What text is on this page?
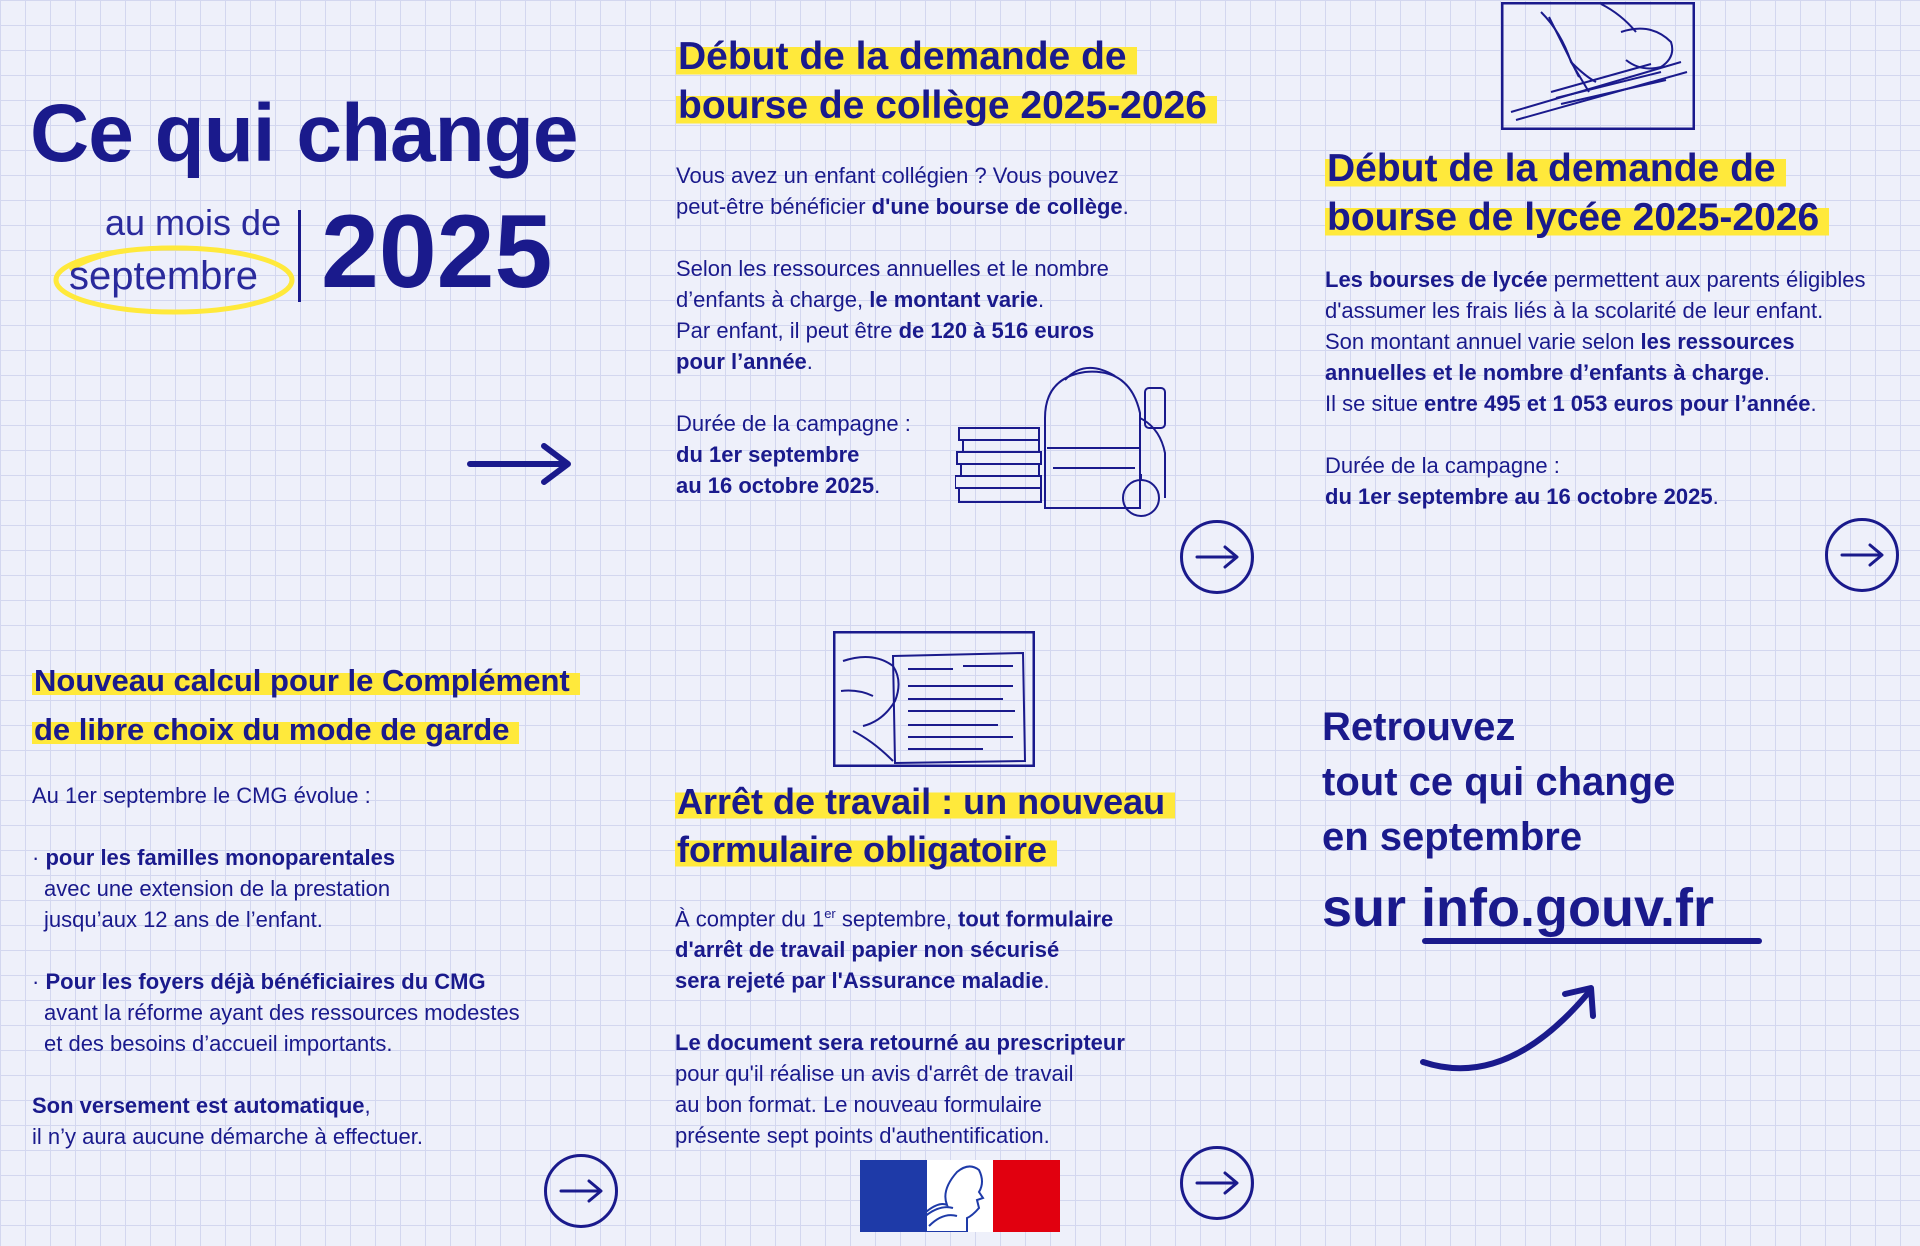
Ce qui change
au mois de
septembre 2025
Début de la demande de
bourse de collège 2025-2026
Vous avez un enfant collégien ? Vous pouvez
peut-être bénéficier d'une bourse de collège.
Selon les ressources annuelles et le nombre
d’enfants à charge, le montant varie.
Par enfant, il peut être de 120 à 516 euros
pour l’année.
Durée de la campagne :
du 1er septembre
au 16 octobre 2025.
Début de la demande de
bourse de lycée 2025-2026
Les bourses de lycée permettent aux parents éligibles
d'assumer les frais liés à la scolarité de leur enfant.
Son montant annuel varie selon les ressources
annuelles et le nombre d’enfants à charge.
Il se situe entre 495 et 1 053 euros pour l’année.
Durée de la campagne :
du 1er septembre au 16 octobre 2025.
Nouveau calcul pour le Complément
de libre choix du mode de garde
Au 1er septembre le CMG évolue :
· pour les familles monoparentales
avec une extension de la prestation
jusqu’aux 12 ans de l’enfant.
· Pour les foyers déjà bénéficiaires du CMG
avant la réforme ayant des ressources modestes
et des besoins d’accueil importants.
Son versement est automatique,
il n’y aura aucune démarche à effectuer.
Arrêt de travail : un nouveau
formulaire obligatoire
À compter du 1er septembre, tout formulaire
d'arrêt de travail papier non sécurisé
sera rejeté par l'Assurance maladie.
Le document sera retourné au prescripteur
pour qu'il réalise un avis d'arrêt de travail
au bon format. Le nouveau formulaire
présente sept points d'authentification.
Retrouvez
tout ce qui change
en septembre
sur info.gouv.fr
